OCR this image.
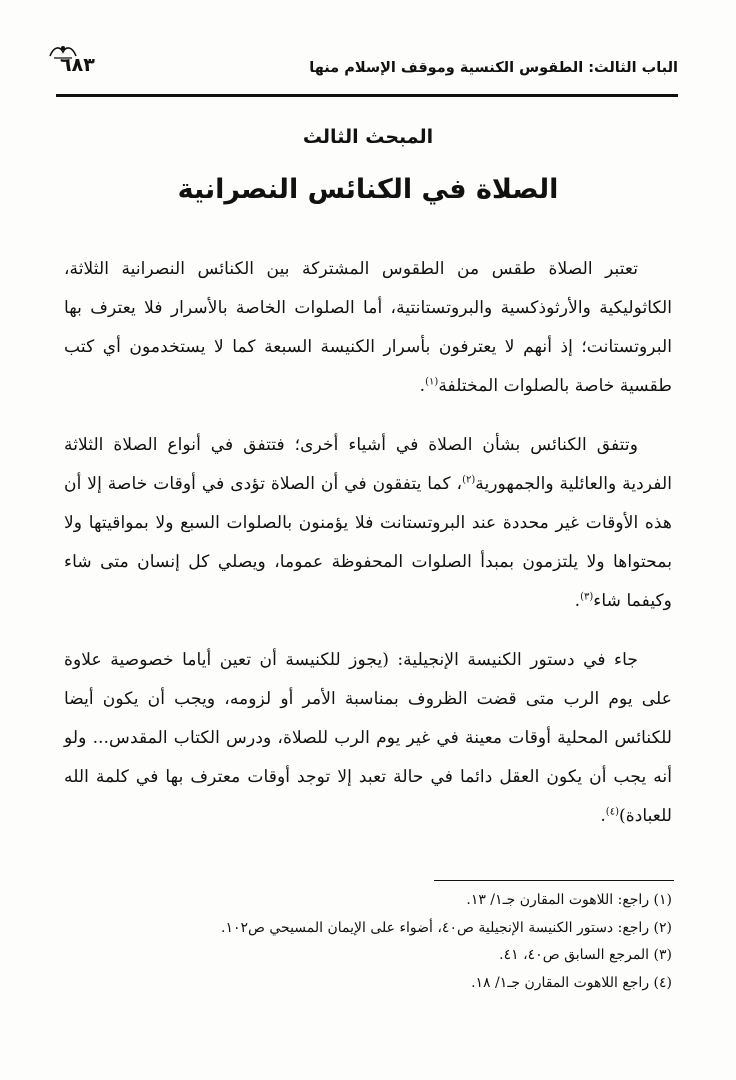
٦٨٣	الباب الثالث: الطقوس الكنسية وموقف الإسلام منها
المبحث الثالث
الصلاة في الكنائس النصرانية

تعتبر الصلاة طقس من الطقوس المشتركة بين الكنائس النصرانية الثلاثة، الكاثوليكية والأرثوذكسية والبروتستانتية، أما الصلوات الخاصة بالأسرار فلا يعترف بها البروتستانت؛ إذ أنهم لا يعترفون بأسرار الكنيسة السبعة كما لا يستخدمون أي كتب طقسية خاصة بالصلوات المختلفة$^{(١)}$.

وتتفق الكنائس بشأن الصلاة في أشياء أخرى؛ فتتفق في أنواع الصلاة الثلاثة الفردية والعائلية والجمهورية$^{(٢)}$، كما يتفقون في أن الصلاة تؤدى في أوقات خاصة إلا أن هذه الأوقات غير محددة عند البروتستانت فلا يؤمنون بالصلوات السبع ولا بمواقيتها ولا بمحتواها ولا يلتزمون بمبدأ الصلوات المحفوظة عموما، ويصلي كل إنسان متى شاء وكيفما شاء$^{(٣)}$.

جاء في دستور الكنيسة الإنجيلية: (يجوز للكنيسة أن تعين أياما خصوصية علاوة على يوم الرب متى قضت الظروف بمناسبة الأمر أو لزومه، ويجب أن يكون أيضا للكنائس المحلية أوقات معينة في غير يوم الرب للصلاة، ودرس الكتاب المقدس... ولو أنه يجب أن يكون العقل دائما في حالة تعبد إلا توجد أوقات معترف بها في كلمة الله للعبادة)$^{(٤)}$.

(١) راجع: اللاهوت المقارن جـ١/ ١٣.
(٢) راجع: دستور الكنيسة الإنجيلية ص٤٠، أضواء على الإيمان المسيحي ص١٠٢.
(٣) المرجع السابق ص٤٠، ٤١.
(٤) راجع اللاهوت المقارن جـ١/ ١٨.
